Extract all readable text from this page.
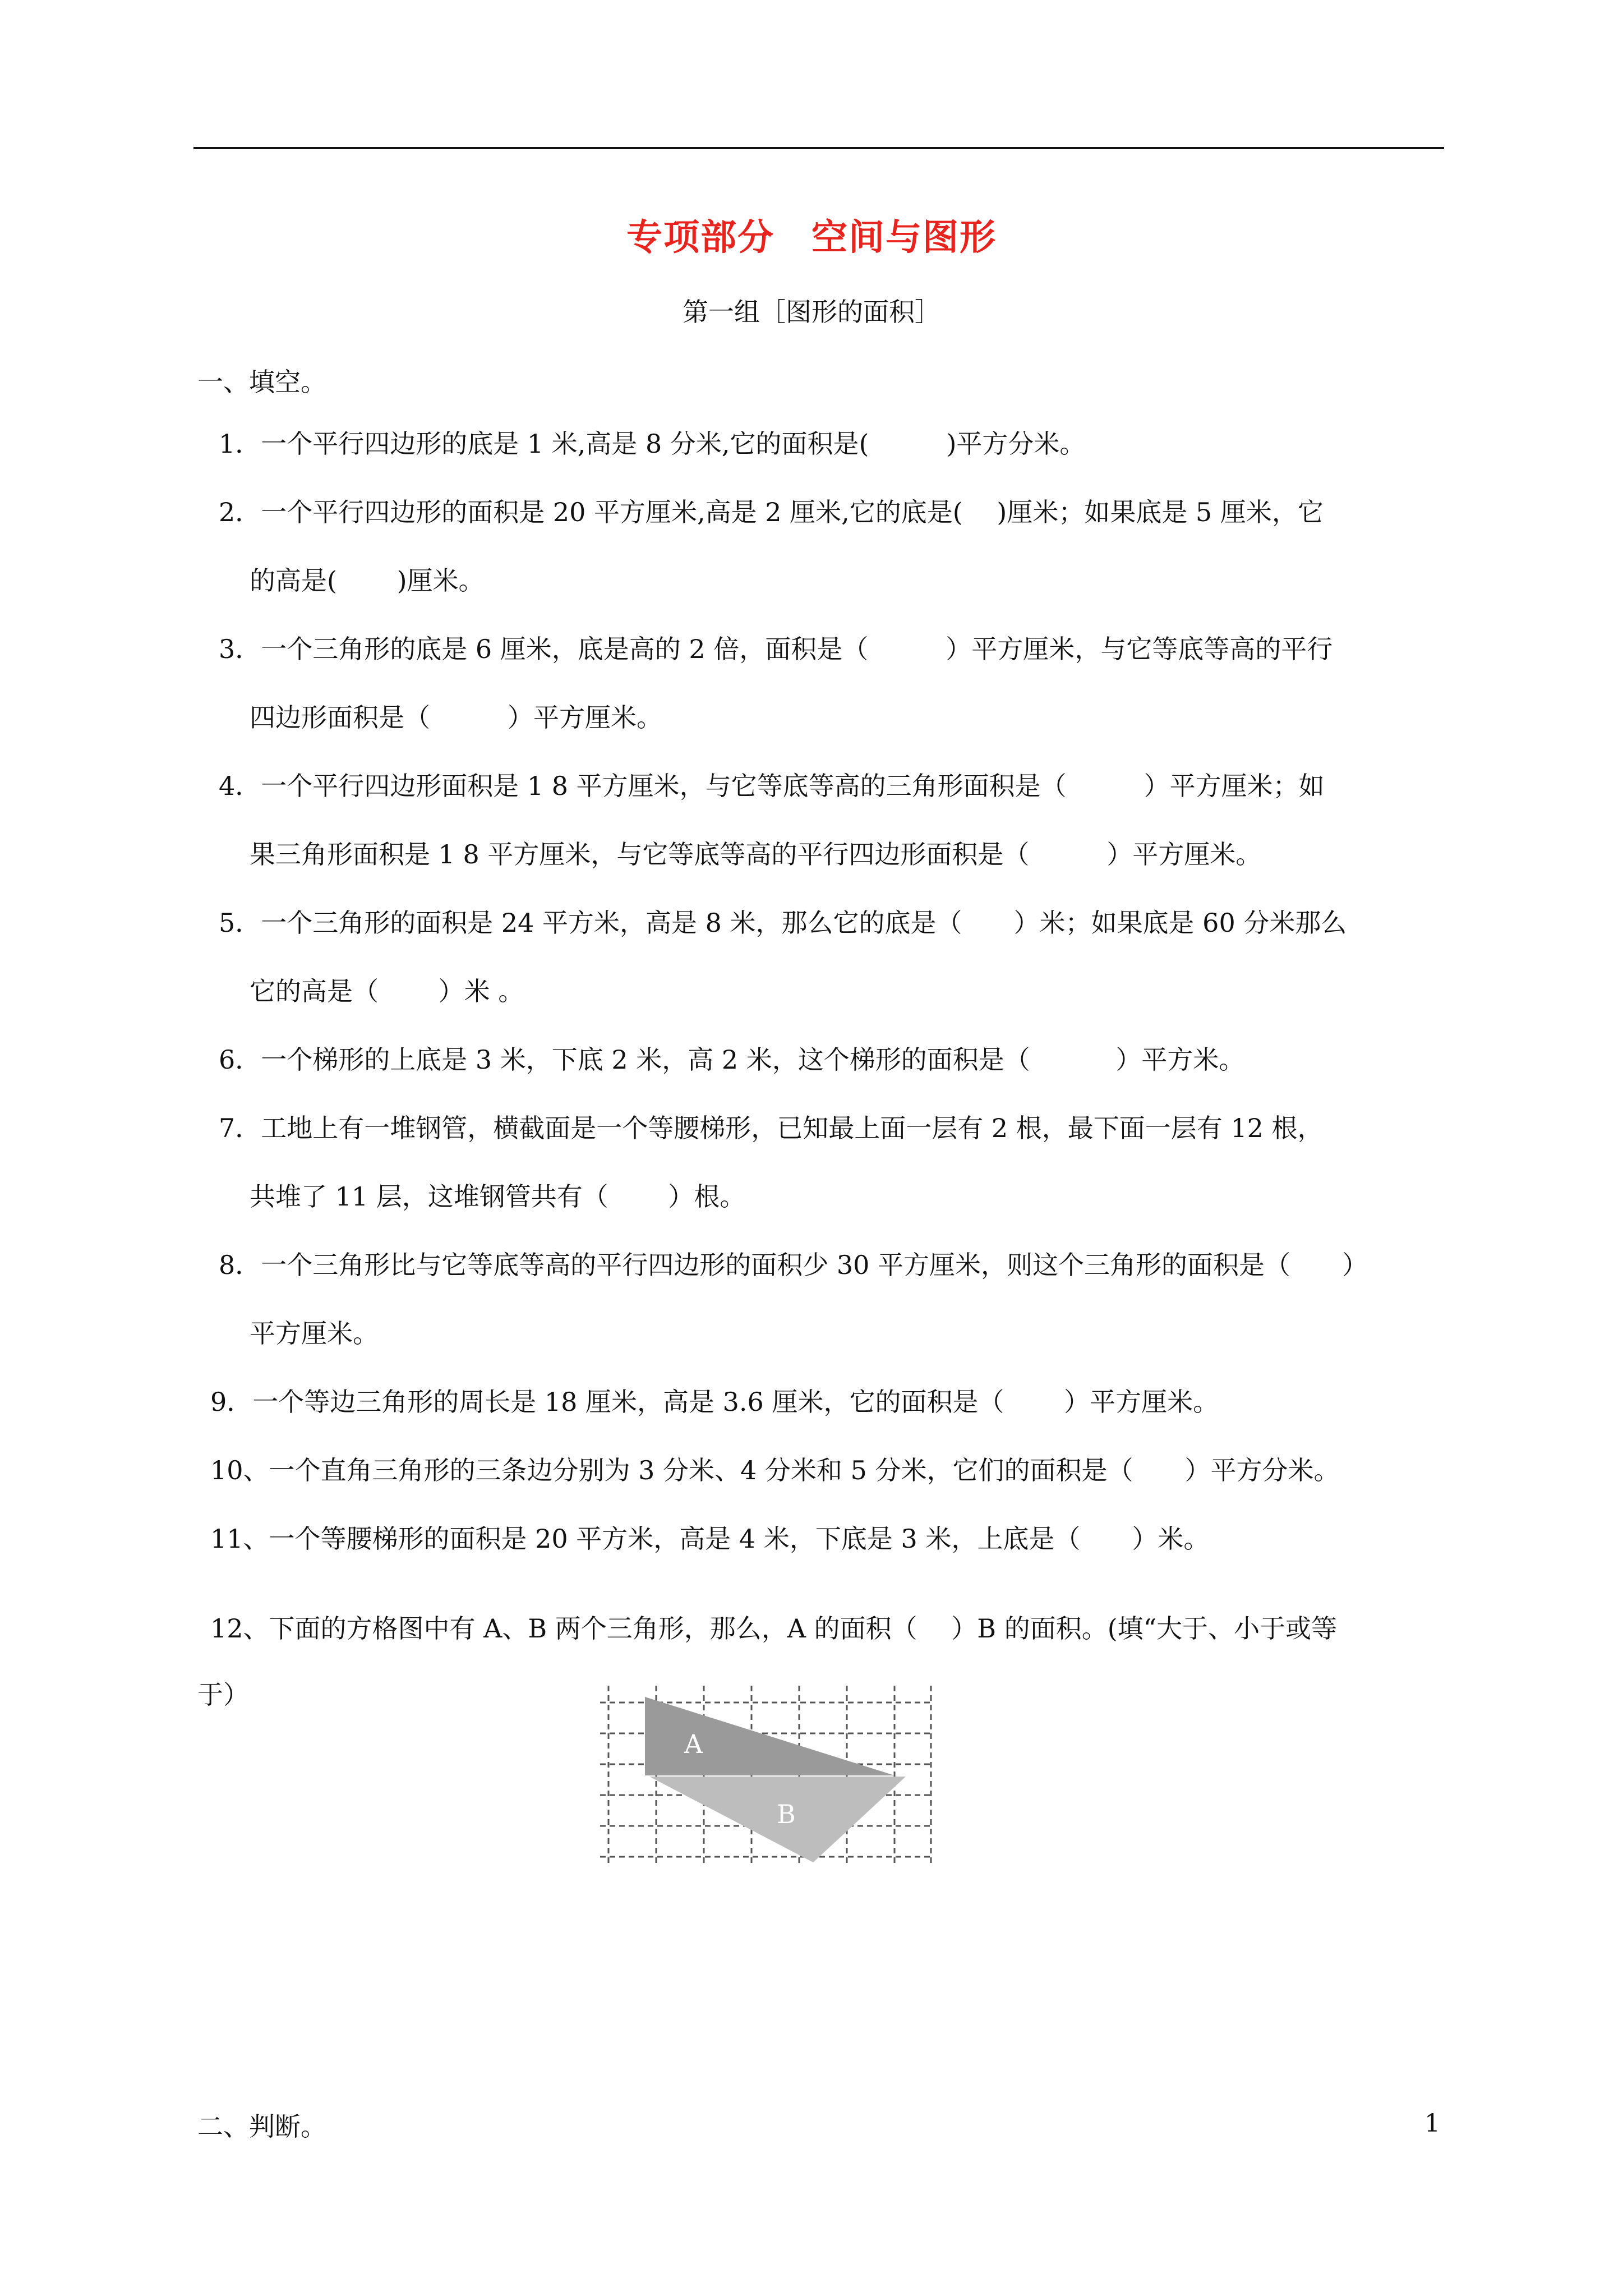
专项部分　空间与图形
第一组［图形的面积］
一、填空。
1．一个平行四边形的底是 1 米,高是 8 分米,它的面积是(　　　)平方分米。
2．一个平行四边形的面积是 20 平方厘米,高是 2 厘米,它的底是(　 )厘米；如果底是 5 厘米，它
的高是(　　 )厘米。
3．一个三角形的底是 6 厘米，底是高的 2 倍，面积是（　　　）平方厘米，与它等底等高的平行
四边形面积是（　　　）平方厘米。
4．一个平行四边形面积是 1 8 平方厘米，与它等底等高的三角形面积是（　　　）平方厘米；如
果三角形面积是 1 8 平方厘米，与它等底等高的平行四边形面积是（　　　）平方厘米。
5．一个三角形的面积是 24 平方米，高是 8 米，那么它的底是（　　）米；如果底是 60 分米那么
它的高是（　　 ）米 。
6．一个梯形的上底是 3 米，下底 2 米，高 2 米，这个梯形的面积是（　　　 ）平方米。
7．工地上有一堆钢管，横截面是一个等腰梯形，已知最上面一层有 2 根，最下面一层有 12 根，
共堆了 11 层，这堆钢管共有（　　 ）根。
8．一个三角形比与它等底等高的平行四边形的面积少 30 平方厘米，则这个三角形的面积是（　　）
平方厘米。
9．一个等边三角形的周长是 18 厘米，高是 3.6 厘米，它的面积是（　　 ）平方厘米。
10、一个直角三角形的三条边分别为 3 分米、4 分米和 5 分米，它们的面积是（　　）平方分米。
11、一个等腰梯形的面积是 20 平方米，高是 4 米，下底是 3 米，上底是（　　）米。
12、下面的方格图中有 A、B 两个三角形，那么，A 的面积（　 ）B 的面积。(填“大于、小于或等
于）
A
B
二、判断。	1
